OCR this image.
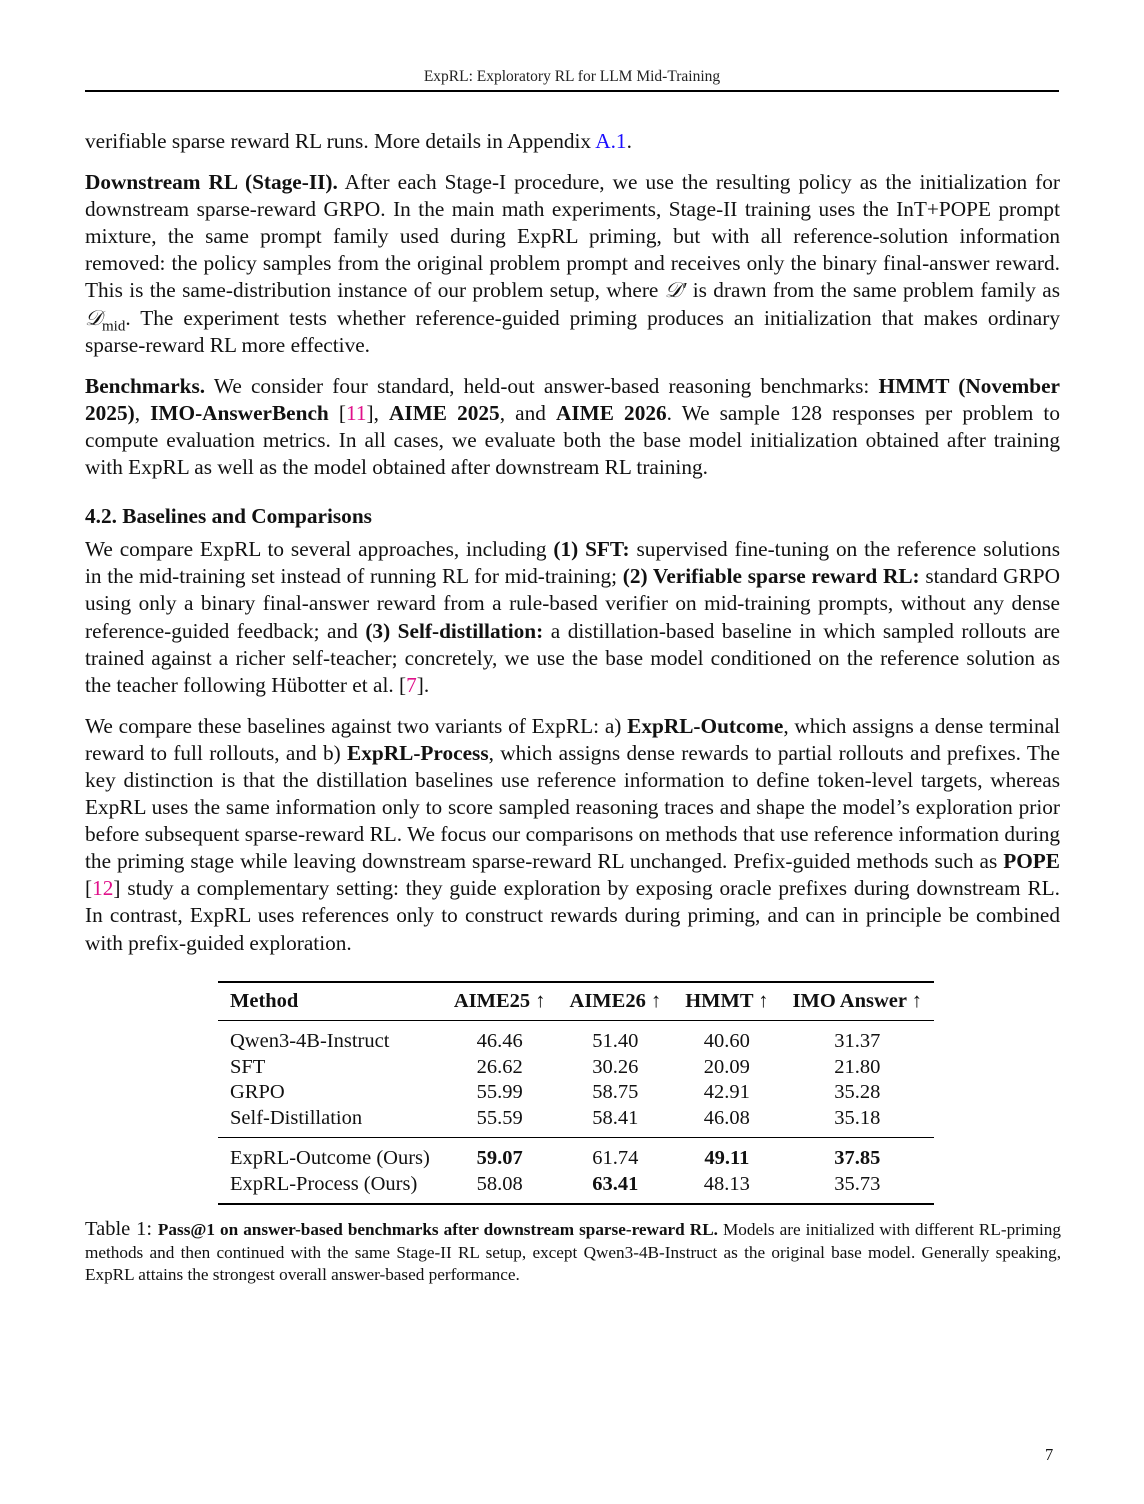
ExpRL: Exploratory RL for LLM Mid-Training

verifiable sparse reward RL runs. More details in Appendix A.1.

Downstream RL (Stage-II). After each Stage-I procedure, we use the resulting policy as the initialization for downstream sparse-reward GRPO. In the main math experiments, Stage-II training uses the InT+POPE prompt mixture, the same prompt family used during ExpRL priming, but with all reference-solution information removed: the policy samples from the original problem prompt and receives only the binary final-answer reward. This is the same-distribution instance of our problem setup, where 𝒟′ is drawn from the same problem family as 𝒟$_{mid}$. The experiment tests whether reference-guided priming produces an initialization that makes ordinary sparse-reward RL more effective.

Benchmarks. We consider four standard, held-out answer-based reasoning benchmarks: HMMT (November 2025), IMO-AnswerBench [11], AIME 2025, and AIME 2026. We sample 128 responses per problem to compute evaluation metrics. In all cases, we evaluate both the base model initialization obtained after training with ExpRL as well as the model obtained after downstream RL training.

4.2. Baselines and Comparisons

We compare ExpRL to several approaches, including (1) SFT: supervised fine-tuning on the reference solutions in the mid-training set instead of running RL for mid-training; (2) Verifiable sparse reward RL: standard GRPO using only a binary final-answer reward from a rule-based verifier on mid-training prompts, without any dense reference-guided feedback; and (3) Self-distillation: a distillation-based baseline in which sampled rollouts are trained against a richer self-teacher; concretely, we use the base model conditioned on the reference solution as the teacher following Hübotter et al. [7].

We compare these baselines against two variants of ExpRL: a) ExpRL-Outcome, which assigns a dense terminal reward to full rollouts, and b) ExpRL-Process, which assigns dense rewards to partial rollouts and prefixes. The key distinction is that the distillation baselines use reference information to define token-level targets, whereas ExpRL uses the same information only to score sampled reasoning traces and shape the model’s exploration prior before subsequent sparse-reward RL. We focus our comparisons on methods that use reference information during the priming stage while leaving downstream sparse-reward RL unchanged. Prefix-guided methods such as POPE [12] study a complementary setting: they guide exploration by exposing oracle prefixes during downstream RL. In contrast, ExpRL uses references only to construct rewards during priming, and can in principle be combined with prefix-guided exploration.

Method	AIME25 ↑	AIME26 ↑	HMMT ↑	IMO Answer ↑
Qwen3-4B-Instruct	46.46	51.40	40.60	31.37
SFT	26.62	30.26	20.09	21.80
GRPO	55.99	58.75	42.91	35.28
Self-Distillation	55.59	58.41	46.08	35.18
ExpRL-Outcome (Ours)	59.07	61.74	49.11	37.85
ExpRL-Process (Ours)	58.08	63.41	48.13	35.73
Table 1: Pass@1 on answer-based benchmarks after downstream sparse-reward RL. Models are initialized with different RL-priming methods and then continued with the same Stage-II RL setup, except Qwen3-4B-Instruct as the original base model. Generally speaking, ExpRL attains the strongest overall answer-based performance.
7
